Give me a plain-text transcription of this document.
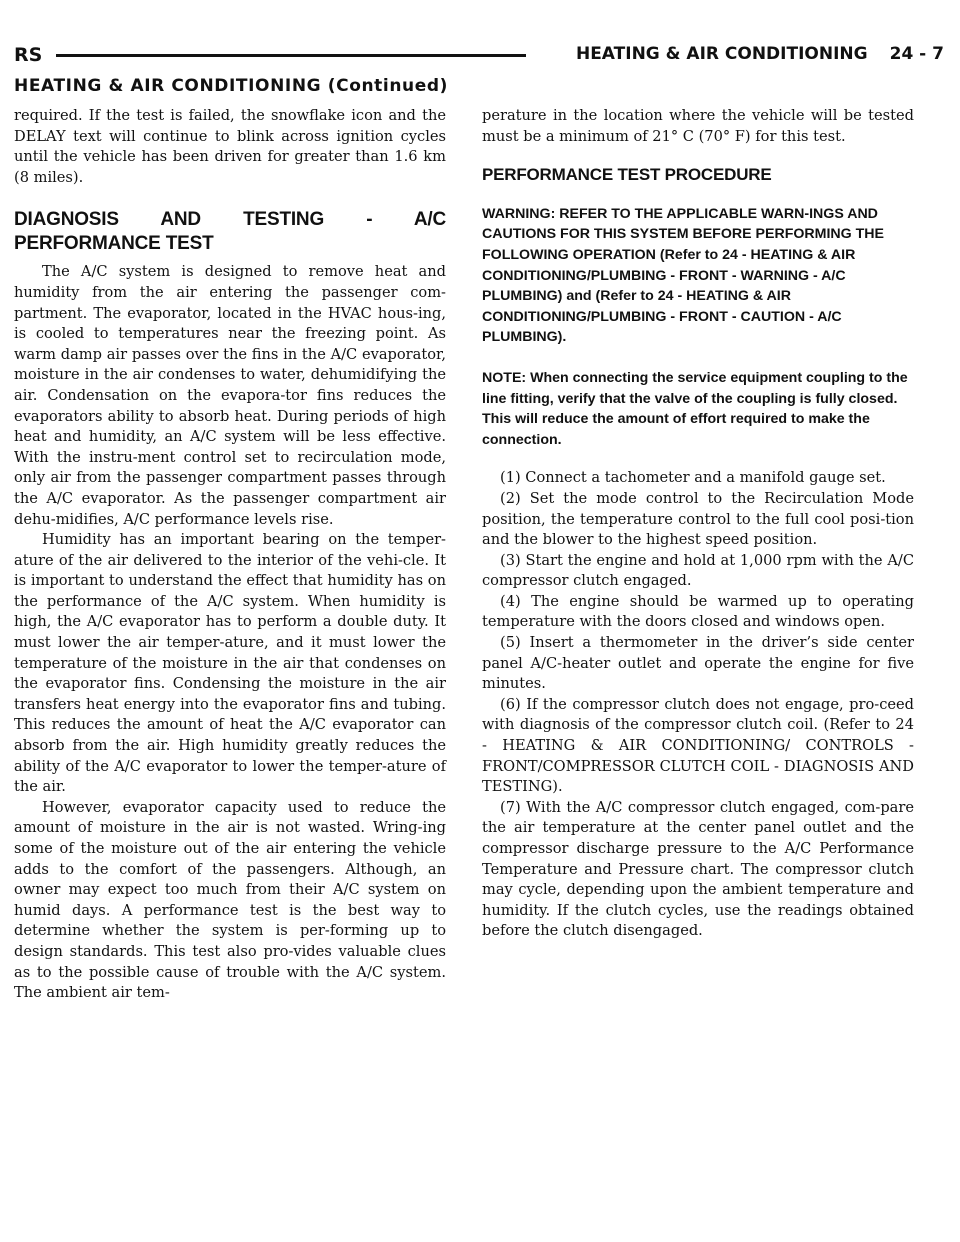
RS	HEATING & AIR CONDITIONING 24 - 7
HEATING & AIR CONDITIONING (Continued)

required. If the test is failed, the snowflake icon and the DELAY text will continue to blink across ignition cycles until the vehicle has been driven for greater than 1.6 km (8 miles).

DIAGNOSIS AND TESTING - A/C PERFORMANCE TEST

The A/C system is designed to remove heat and humidity from the air entering the passenger com-partment. The evaporator, located in the HVAC hous-ing, is cooled to temperatures near the freezing point. As warm damp air passes over the fins in the A/C evaporator, moisture in the air condenses to water, dehumidifying the air. Condensation on the evapora-tor fins reduces the evaporators ability to absorb heat. During periods of high heat and humidity, an A/C system will be less effective. With the instru-ment control set to recirculation mode, only air from the passenger compartment passes through the A/C evaporator. As the passenger compartment air dehu-midifies, A/C performance levels rise.

Humidity has an important bearing on the temper-ature of the air delivered to the interior of the vehi-cle. It is important to understand the effect that humidity has on the performance of the A/C system. When humidity is high, the A/C evaporator has to perform a double duty. It must lower the air temper-ature, and it must lower the temperature of the moisture in the air that condenses on the evaporator fins. Condensing the moisture in the air transfers heat energy into the evaporator fins and tubing. This reduces the amount of heat the A/C evaporator can absorb from the air. High humidity greatly reduces the ability of the A/C evaporator to lower the temper-ature of the air.

However, evaporator capacity used to reduce the amount of moisture in the air is not wasted. Wring-ing some of the moisture out of the air entering the vehicle adds to the comfort of the passengers. Although, an owner may expect too much from their A/C system on humid days. A performance test is the best way to determine whether the system is per-forming up to design standards. This test also pro-vides valuable clues as to the possible cause of trouble with the A/C system. The ambient air tem-

perature in the location where the vehicle will be tested must be a minimum of 21° C (70° F) for this test.

PERFORMANCE TEST PROCEDURE
WARNING: REFER TO THE APPLICABLE WARN-INGS AND CAUTIONS FOR THIS SYSTEM BEFORE PERFORMING THE FOLLOWING OPERATION (Refer to 24 - HEATING & AIR CONDITIONING/PLUMBING - FRONT - WARNING - A/C PLUMBING) and (Refer to 24 - HEATING & AIR CONDITIONING/PLUMBING - FRONT - CAUTION - A/C PLUMBING).
NOTE: When connecting the service equipment coupling to the line fitting, verify that the valve of the coupling is fully closed. This will reduce the amount of effort required to make the connection.

(1) Connect a tachometer and a manifold gauge set.

(2) Set the mode control to the Recirculation Mode position, the temperature control to the full cool posi-tion and the blower to the highest speed position.

(3) Start the engine and hold at 1,000 rpm with the A/C compressor clutch engaged.

(4) The engine should be warmed up to operating temperature with the doors closed and windows open.

(5) Insert a thermometer in the driver’s side center panel A/C-heater outlet and operate the engine for five minutes.

(6) If the compressor clutch does not engage, pro-ceed with diagnosis of the compressor clutch coil. (Refer to 24 - HEATING & AIR CONDITIONING/ CONTROLS - FRONT/COMPRESSOR CLUTCH COIL - DIAGNOSIS AND TESTING).

(7) With the A/C compressor clutch engaged, com-pare the air temperature at the center panel outlet and the compressor discharge pressure to the A/C Performance Temperature and Pressure chart. The compressor clutch may cycle, depending upon the ambient temperature and humidity. If the clutch cycles, use the readings obtained before the clutch disengaged.
